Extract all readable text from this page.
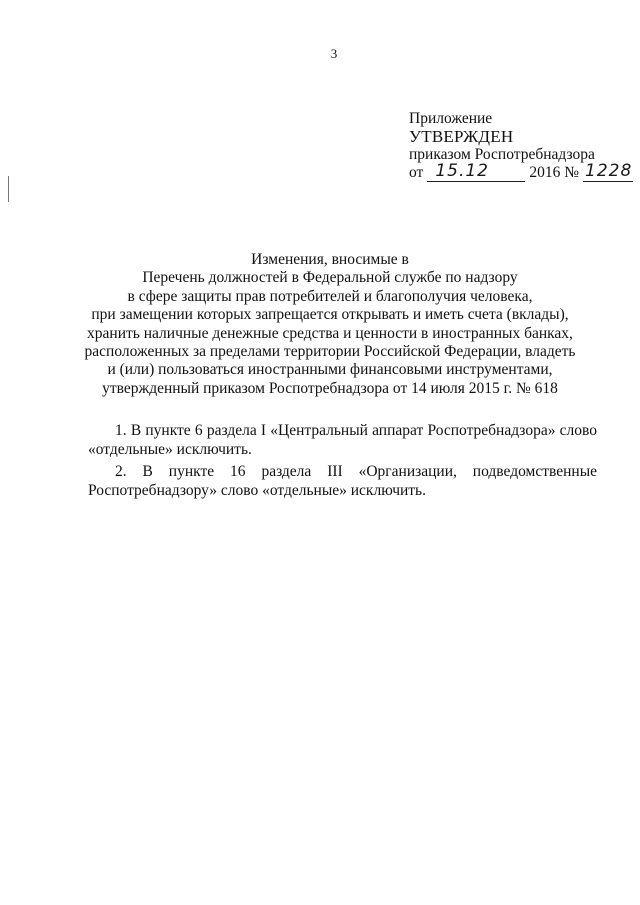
3
Приложение
УТВЕРЖДЕН
приказом Роспотребнадзора
от 15.12	2016 № 1228
Изменения, вносимые в
Перечень должностей в Федеральной службе по надзору
в сфере защиты прав потребителей и благополучия человека,
при замещении которых запрещается открывать и иметь счета (вклады),
хранить наличные денежные средства и ценности в иностранных банках,
расположенных за пределами территории Российской Федерации, владеть
и (или) пользоваться иностранными финансовыми инструментами,
утвержденный приказом Роспотребнадзора от 14 июля 2015 г. № 618

1. В пункте 6 раздела I «Центральный аппарат Роспотребнадзора» слово
«отдельные» исключить.

2. В пункте 16 раздела III «Организации, подведомственные
Роспотребнадзору» слово «отдельные» исключить.
